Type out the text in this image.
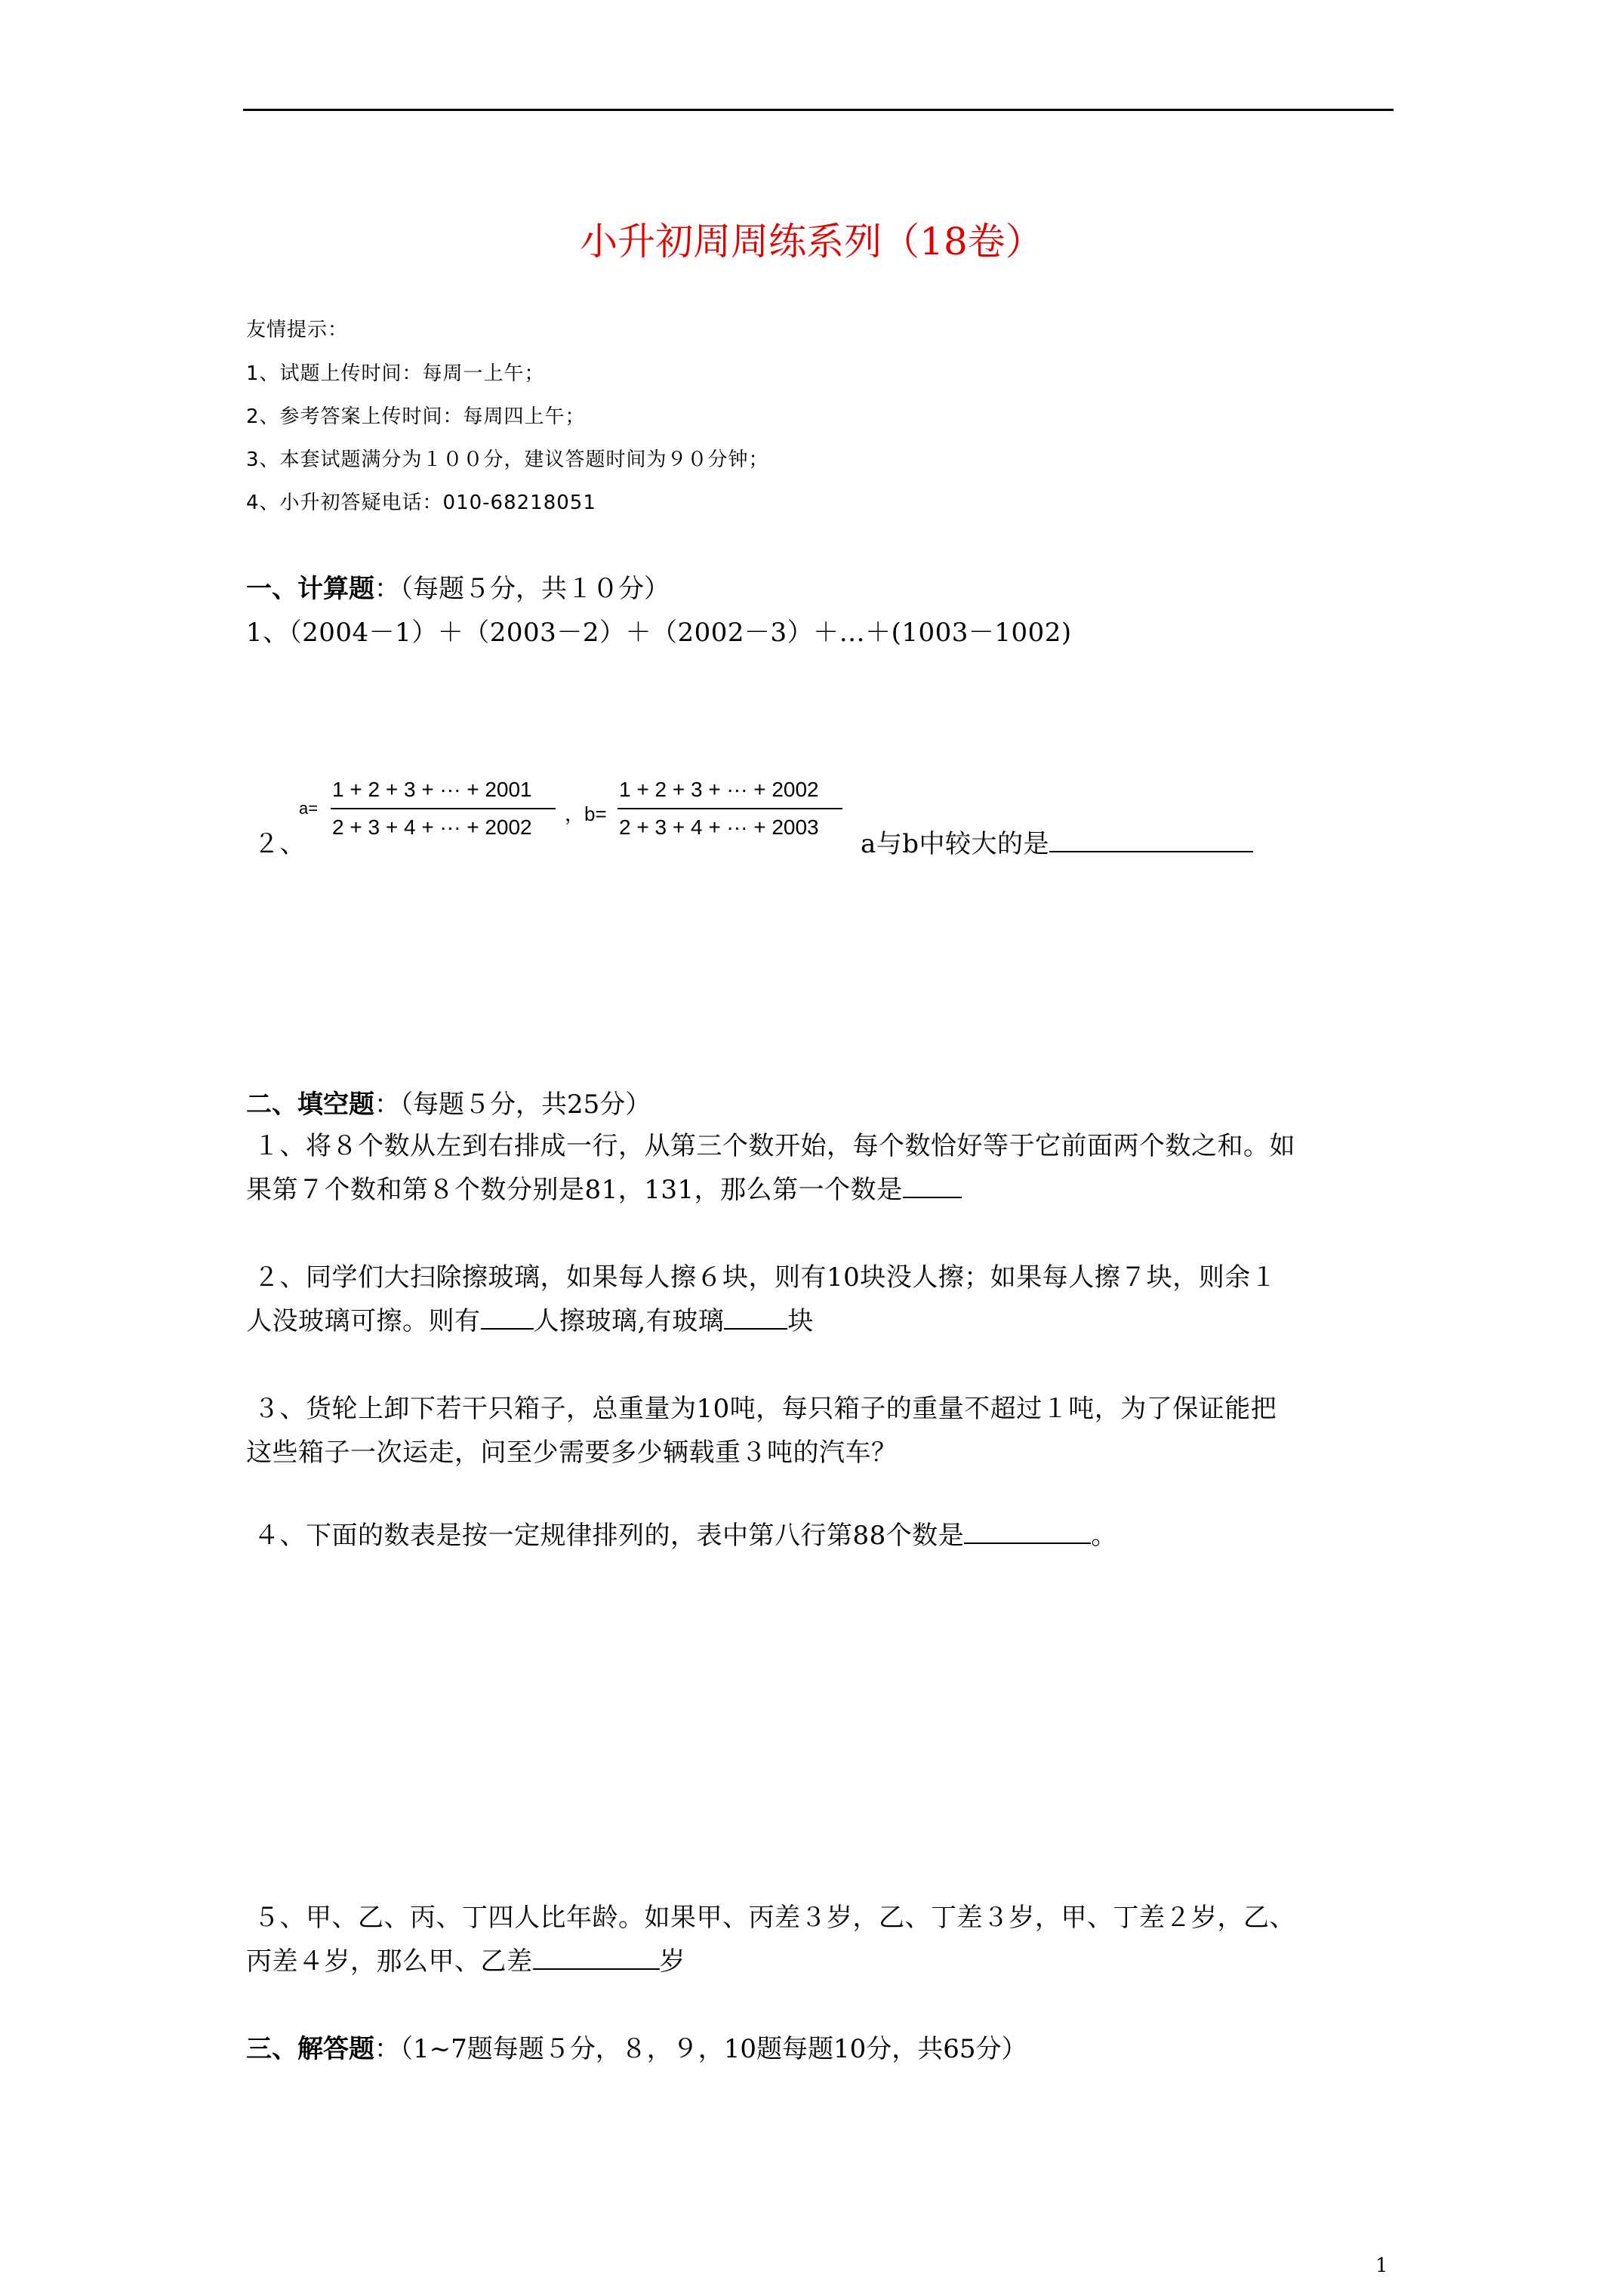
小升初周周练系列（18卷）
友情提示：
1、试题上传时间：每周一上午；
2、参考答案上传时间：每周四上午；
3、本套试题满分为１００分，建议答题时间为９０分钟；
4、小升初答疑电话：010-68218051
一、计算题：（每题５分，共１０分）
1、（2004－1）＋（2003－2）＋（2002－3）＋…＋(1003－1002)
２、
a=
1 + 2 + 3 + ··· + 2001
2 + 3 + 4 + ··· + 2002
，b=
1 + 2 + 3 + ··· + 2002
2 + 3 + 4 + ··· + 2003
a与b中较大的是
二、填空题：（每题５分，共25分）
１、将８个数从左到右排成一行，从第三个数开始，每个数恰好等于它前面两个数之和。如
果第７个数和第８个数分别是81，131，那么第一个数是
２、同学们大扫除擦玻璃，如果每人擦６块，则有10块没人擦；如果每人擦７块，则余１
人没玻璃可擦。则有 人擦玻璃,有玻璃 块
３、货轮上卸下若干只箱子，总重量为10吨，每只箱子的重量不超过１吨，为了保证能把
这些箱子一次运走，问至少需要多少辆载重３吨的汽车？
４、下面的数表是按一定规律排列的，表中第八行第88个数是	。
５、甲、乙、丙、丁四人比年龄。如果甲、丙差３岁，乙、丁差３岁，甲、丁差２岁，乙、
丙差４岁，那么甲、乙差	岁
三、解答题：（1~7题每题５分，８，９，10题每题10分，共65分）
1
